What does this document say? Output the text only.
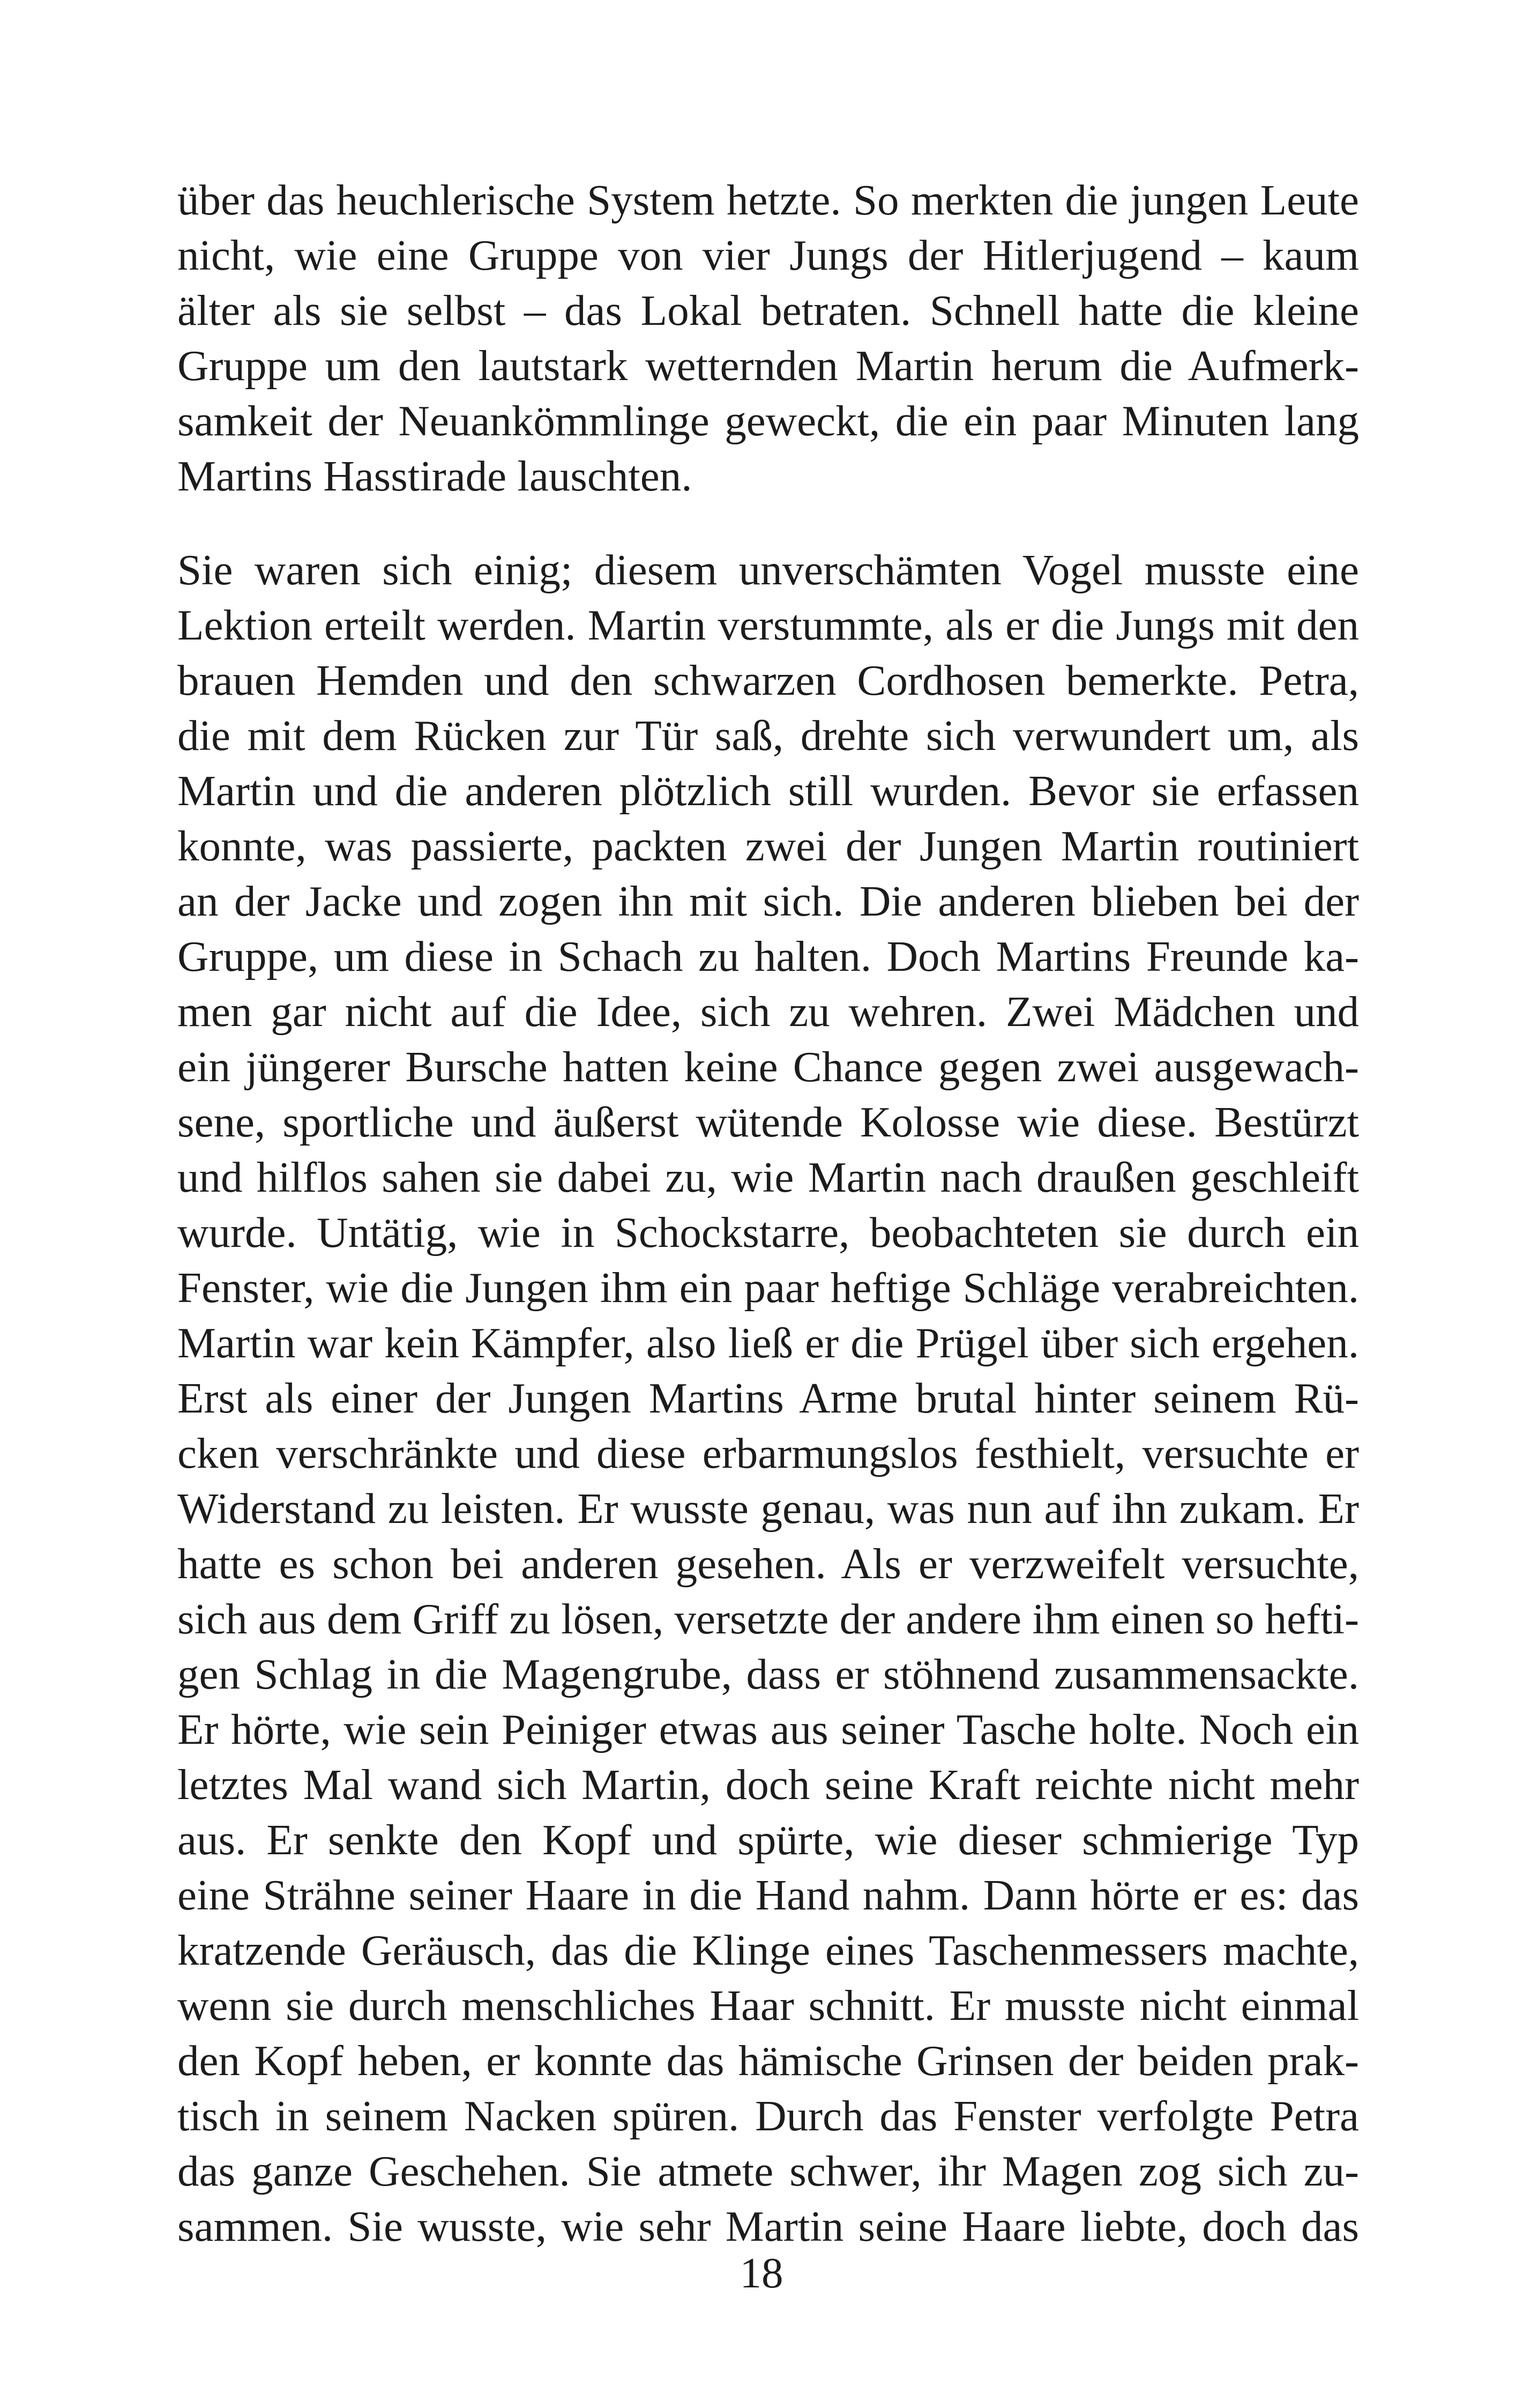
über das heuchlerische System hetzte. So merkten die jungen Leute
nicht, wie eine Gruppe von vier Jungs der Hitlerjugend – kaum
älter als sie selbst – das Lokal betraten. Schnell hatte die kleine
Gruppe um den lautstark wetternden Martin herum die Aufmerk-
samkeit der Neuankömmlinge geweckt, die ein paar Minuten lang
Martins Hasstirade lauschten.
Sie waren sich einig; diesem unverschämten Vogel musste eine
Lektion erteilt werden. Martin verstummte, als er die Jungs mit den
brauen Hemden und den schwarzen Cordhosen bemerkte. Petra,
die mit dem Rücken zur Tür saß, drehte sich verwundert um, als
Martin und die anderen plötzlich still wurden. Bevor sie erfassen
konnte, was passierte, packten zwei der Jungen Martin routiniert
an der Jacke und zogen ihn mit sich. Die anderen blieben bei der
Gruppe, um diese in Schach zu halten. Doch Martins Freunde ka-
men gar nicht auf die Idee, sich zu wehren. Zwei Mädchen und
ein jüngerer Bursche hatten keine Chance gegen zwei ausgewach-
sene, sportliche und äußerst wütende Kolosse wie diese. Bestürzt
und hilflos sahen sie dabei zu, wie Martin nach draußen geschleift
wurde. Untätig, wie in Schockstarre, beobachteten sie durch ein
Fenster, wie die Jungen ihm ein paar heftige Schläge verabreichten.
Martin war kein Kämpfer, also ließ er die Prügel über sich ergehen.
Erst als einer der Jungen Martins Arme brutal hinter seinem Rü-
cken verschränkte und diese erbarmungslos festhielt, versuchte er
Widerstand zu leisten. Er wusste genau, was nun auf ihn zukam. Er
hatte es schon bei anderen gesehen. Als er verzweifelt versuchte,
sich aus dem Griff zu lösen, versetzte der andere ihm einen so hefti-
gen Schlag in die Magengrube, dass er stöhnend zusammensackte.
Er hörte, wie sein Peiniger etwas aus seiner Tasche holte. Noch ein
letztes Mal wand sich Martin, doch seine Kraft reichte nicht mehr
aus. Er senkte den Kopf und spürte, wie dieser schmierige Typ
eine Strähne seiner Haare in die Hand nahm. Dann hörte er es: das
kratzende Geräusch, das die Klinge eines Taschenmessers machte,
wenn sie durch menschliches Haar schnitt. Er musste nicht einmal
den Kopf heben, er konnte das hämische Grinsen der beiden prak-
tisch in seinem Nacken spüren. Durch das Fenster verfolgte Petra
das ganze Geschehen. Sie atmete schwer, ihr Magen zog sich zu-
sammen. Sie wusste, wie sehr Martin seine Haare liebte, doch das
18
